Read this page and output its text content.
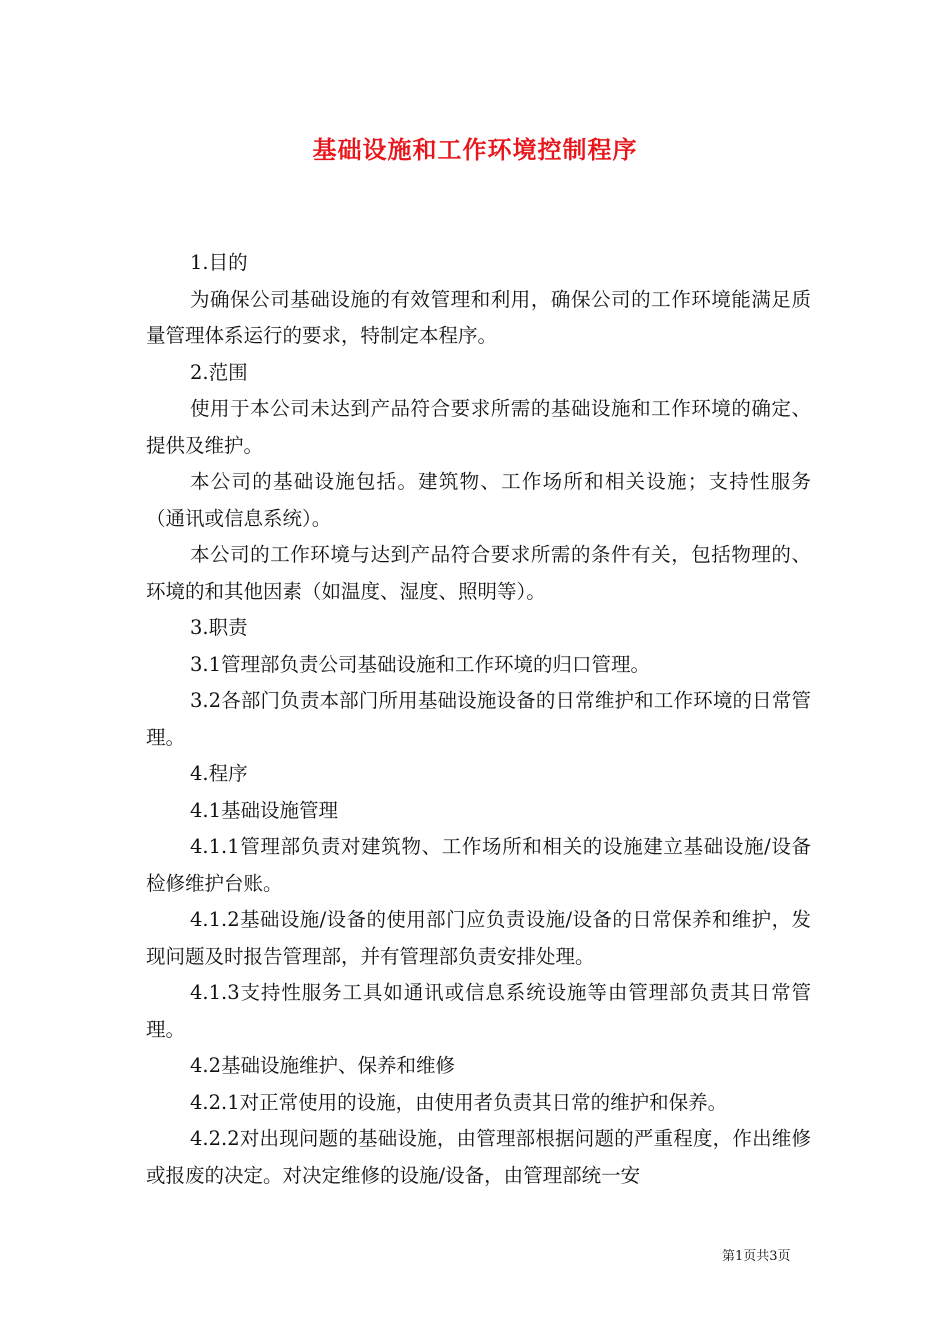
基础设施和工作环境控制程序

1.目的

为确保公司基础设施的有效管理和利用，确保公司的工作环境能满足质量管理体系运行的要求，特制定本程序。

2.范围

使用于本公司未达到产品符合要求所需的基础设施和工作环境的确定、提供及维护。

本公司的基础设施包括。建筑物、工作场所和相关设施；支持性服务（通讯或信息系统）。

本公司的工作环境与达到产品符合要求所需的条件有关，包括物理的、环境的和其他因素（如温度、湿度、照明等）。

3.职责

3.1管理部负责公司基础设施和工作环境的归口管理。

3.2各部门负责本部门所用基础设施设备的日常维护和工作环境的日常管理。

4.程序

4.1基础设施管理

4.1.1管理部负责对建筑物、工作场所和相关的设施建立基础设施/设备检修维护台账。

4.1.2基础设施/设备的使用部门应负责设施/设备的日常保养和维护，发现问题及时报告管理部，并有管理部负责安排处理。

4.1.3支持性服务工具如通讯或信息系统设施等由管理部负责其日常管理。

4.2基础设施维护、保养和维修

4.2.1对正常使用的设施，由使用者负责其日常的维护和保养。

4.2.2对出现问题的基础设施，由管理部根据问题的严重程度，作出维修或报废的决定。对决定维修的设施/设备，由管理部统一安

第1页共3页
